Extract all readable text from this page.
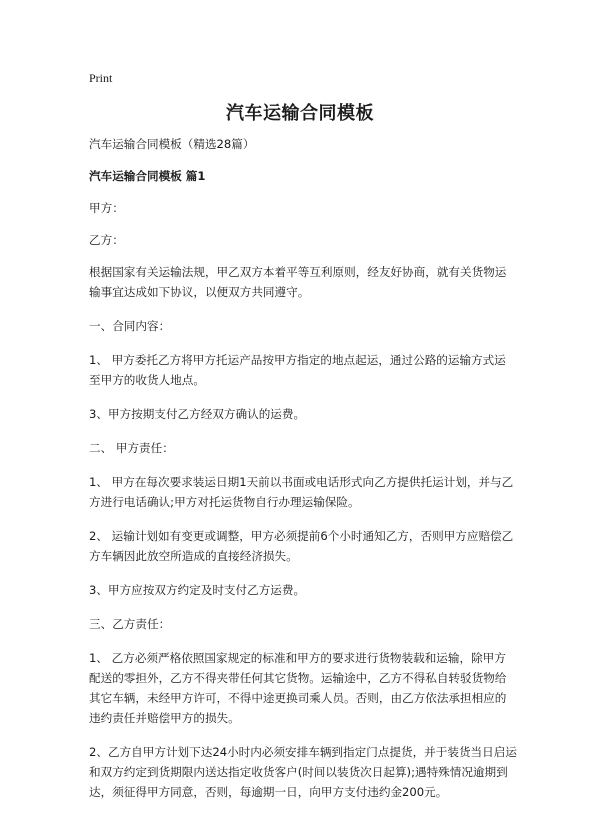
Print
汽车运输合同模板

汽车运输合同模板（精选28篇）

汽车运输合同模板 篇1

甲方：

乙方：

根据国家有关运输法规，甲乙双方本着平等互利原则，经友好协商，就有关货物运输事宜达成如下协议，以便双方共同遵守。

一、合同内容：

1、 甲方委托乙方将甲方托运产品按甲方指定的地点起运，通过公路的运输方式运至甲方的收货人地点。

3、甲方按期支付乙方经双方确认的运费。

二、 甲方责任：

1、 甲方在每次要求装运日期1天前以书面或电话形式向乙方提供托运计划，并与乙方进行电话确认;甲方对托运货物自行办理运输保险。

2、 运输计划如有变更或调整，甲方必须提前6个小时通知乙方，否则甲方应赔偿乙方车辆因此放空所造成的直接经济损失。

3、甲方应按双方约定及时支付乙方运费。

三、乙方责任：

1、 乙方必须严格依照国家规定的标准和甲方的要求进行货物装载和运输，除甲方配送的零担外，乙方不得夹带任何其它货物。运输途中，乙方不得私自转驳货物给其它车辆，未经甲方许可，不得中途更换司乘人员。否则，由乙方依法承担相应的违约责任并赔偿甲方的损失。

2、乙方自甲方计划下达24小时内必须安排车辆到指定门点提货，并于装货当日启运和双方约定到货期限内送达指定收货客户(时间以装货次日起算);遇特殊情况逾期到达，须征得甲方同意，否则，每逾期一日，向甲方支付违约金200元。
